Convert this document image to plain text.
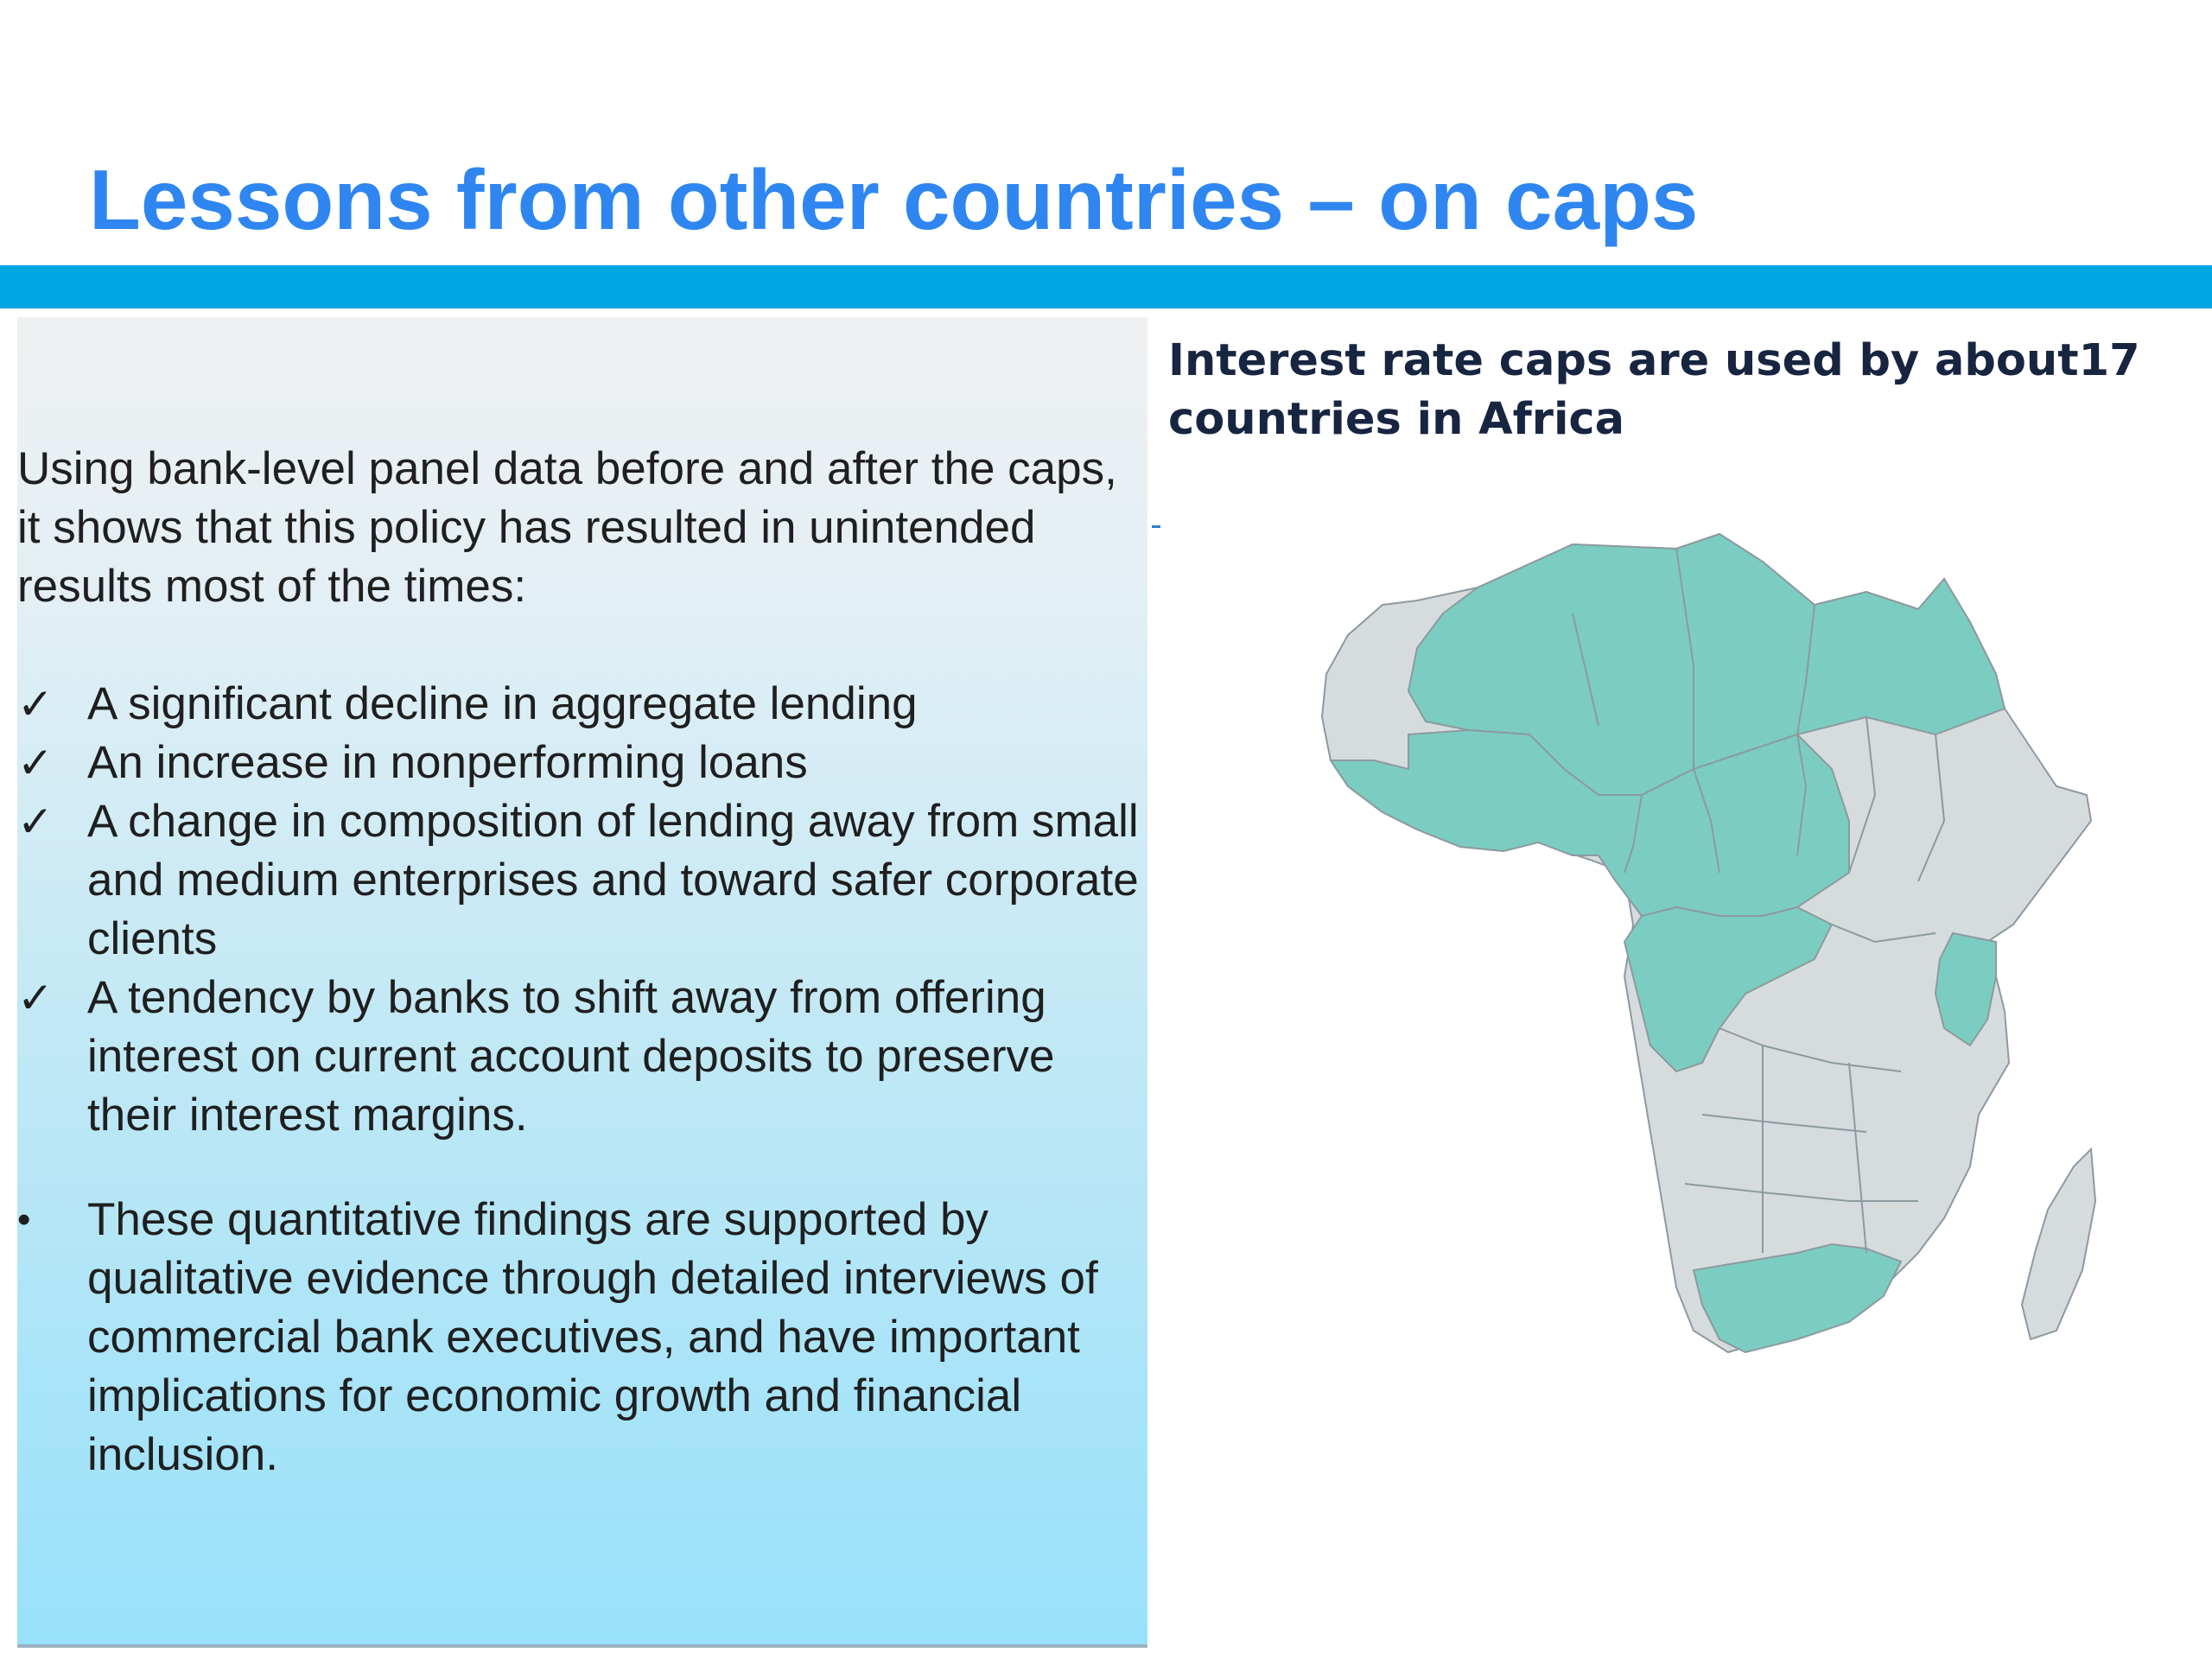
Lessons from other countries – on caps
Using bank-level panel data before and after the caps, it shows that this policy has resulted in unintended results most of the times:
✓ A significant decline in aggregate lending
✓ An increase in nonperforming loans
✓ A change in composition of lending away from small and medium enterprises and toward safer corporate clients
✓ A tendency by banks to shift away from offering interest on current account deposits to preserve their interest margins.
•	These quantitative findings are supported by qualitative evidence through detailed interviews of commercial bank executives, and have important implications for economic growth and financial inclusion.
Interest rate caps are used by about17 countries in Africa
